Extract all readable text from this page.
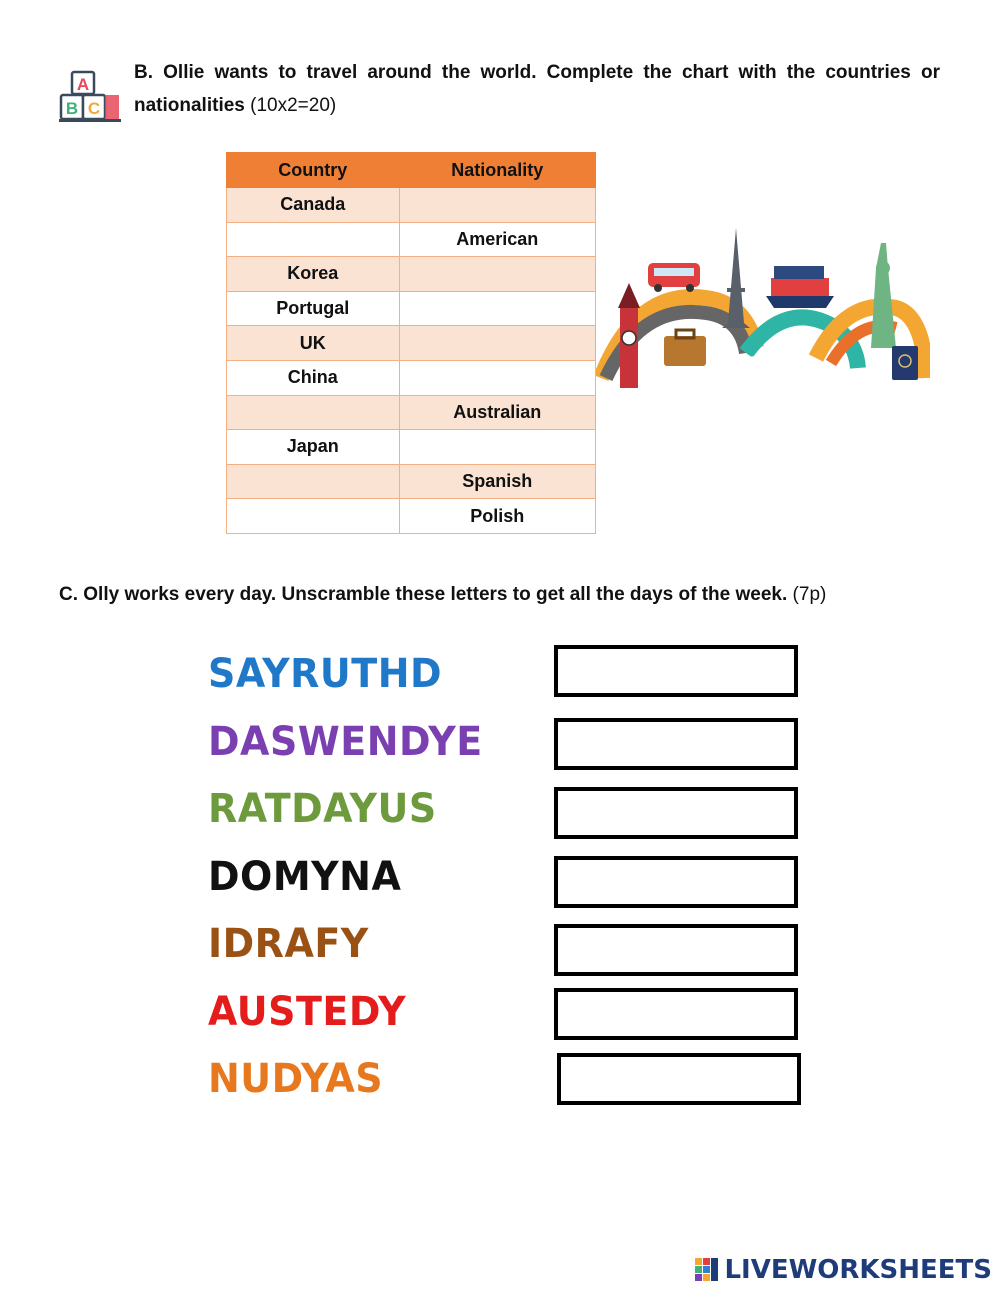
A
B C
B. Ollie wants to travel around the world. Complete the chart with the countries or nationalities (10x2=20)
Country	Nationality
Canada	
	American
Korea	
Portugal	
UK	
China	
	Australian
Japan	
	Spanish
	Polish
C. Olly works every day. Unscramble these letters to get all the days of the week. (7p)
SAYRUTHD
DASWENDYE
RATDAYUS
DOMYNA
IDRAFY
AUSTEDY
NUDYAS
LIVEWORKSHEETS
